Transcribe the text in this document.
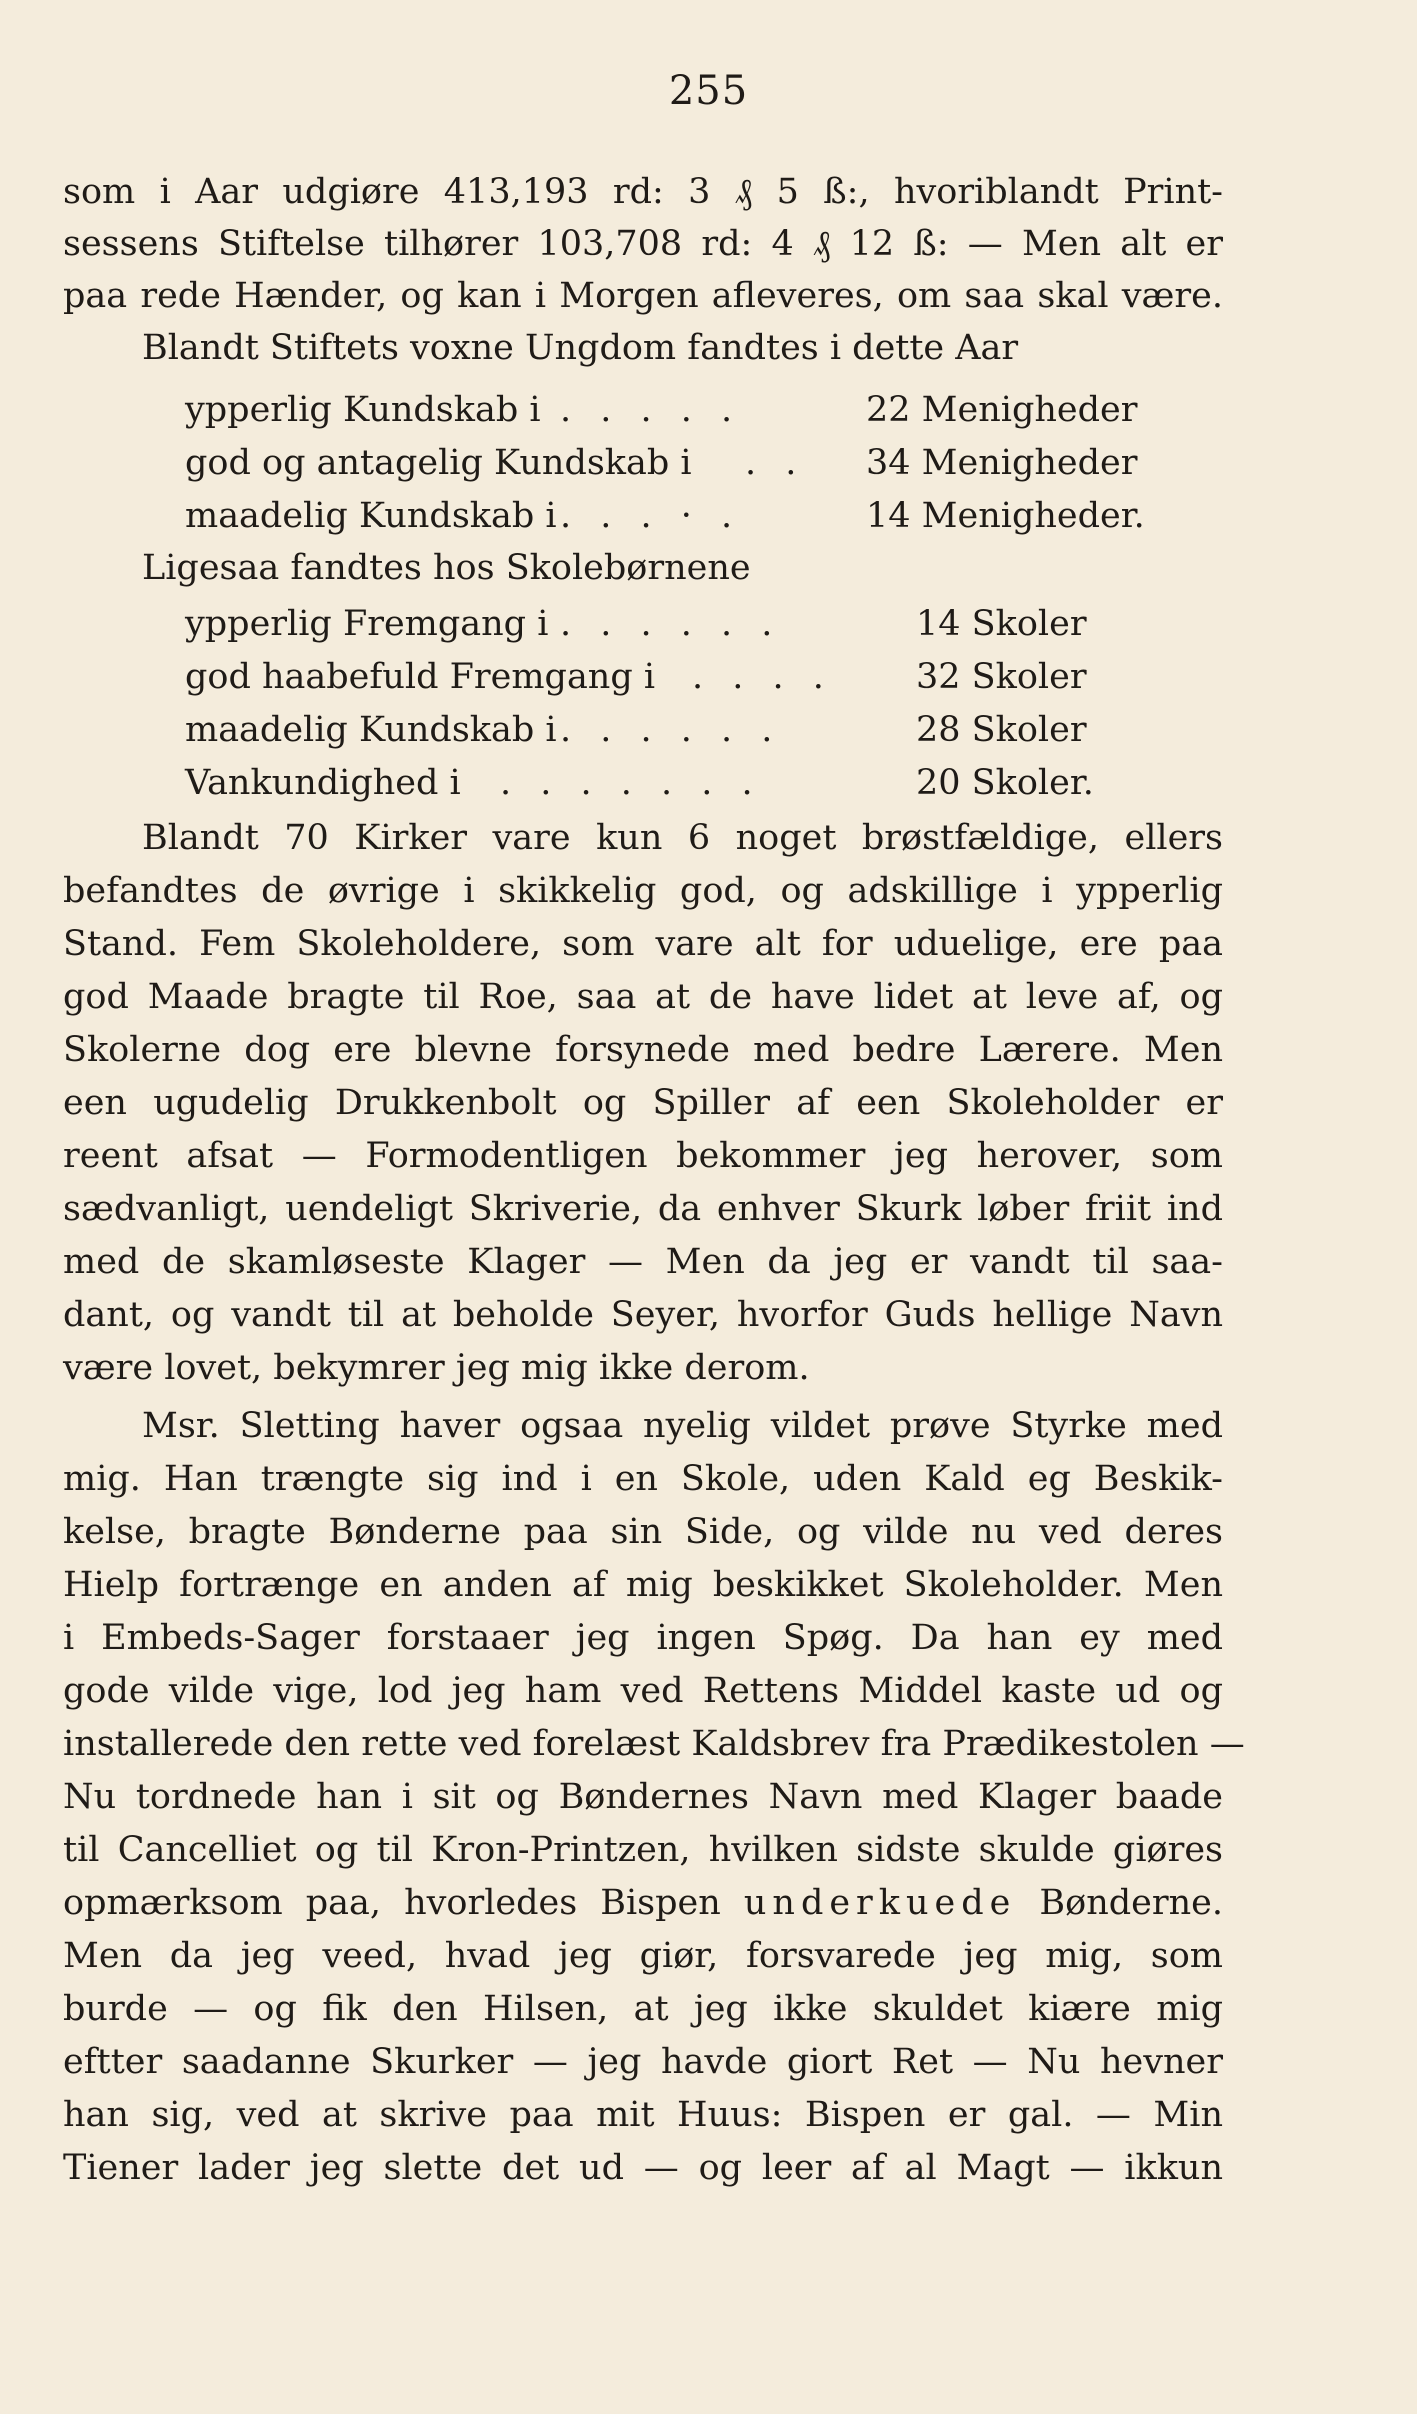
255
som i Aar udgiøre 413,193 rd: 3 ₰ 5 ß:, hvoriblandt Print-
sessens Stiftelse tilhører 103,708 rd: 4 ₰ 12 ß: — Men alt er
paa rede Hænder, og kan i Morgen afleveres, om saa skal være.
Blandt Stiftets voxne Ungdom fandtes i dette Aar
ypperlig Kundskab i . . . . .	22 Menigheder
god og antagelig Kundskab i . . 34 Menigheder
maadelig Kundskab i . . . · .	14 Menigheder.
Ligesaa fandtes hos Skolebørnene
ypperlig Fremgang i . . . . . .	14 Skoler
god haabefuld Fremgang i . . . . 32 Skoler
maadelig Kundskab i . . . . . .	28 Skoler
Vankundighed i . . . . . . .	20 Skoler.
Blandt 70 Kirker vare kun 6 noget brøstfældige, ellers
befandtes de øvrige i skikkelig god, og adskillige i ypperlig
Stand. Fem Skoleholdere, som vare alt for uduelige, ere paa
god Maade bragte til Roe, saa at de have lidet at leve af, og
Skolerne dog ere blevne forsynede med bedre Lærere. Men
een ugudelig Drukkenbolt og Spiller af een Skoleholder er
reent afsat — Formodentligen bekommer jeg herover, som
sædvanligt, uendeligt Skriverie, da enhver Skurk løber friit ind
med de skamløseste Klager — Men da jeg er vandt til saa-
dant, og vandt til at beholde Seyer, hvorfor Guds hellige Navn
være lovet, bekymrer jeg mig ikke derom.
Msr. Sletting haver ogsaa nyelig vildet prøve Styrke med
mig. Han trængte sig ind i en Skole, uden Kald eg Beskik-
kelse, bragte Bønderne paa sin Side, og vilde nu ved deres
Hielp fortrænge en anden af mig beskikket Skoleholder. Men
i Embeds-Sager forstaaer jeg ingen Spøg. Da han ey med
gode vilde vige, lod jeg ham ved Rettens Middel kaste ud og
installerede den rette ved forelæst Kaldsbrev fra Prædikestolen —
Nu tordnede han i sit og Bøndernes Navn med Klager baade
til Cancelliet og til Kron-Printzen, hvilken sidste skulde giøres
opmærksom paa, hvorledes Bispen underkuede Bønderne.
Men da jeg veed, hvad jeg giør, forsvarede jeg mig, som
burde — og fik den Hilsen, at jeg ikke skuldet kiære mig
eftter saadanne Skurker — jeg havde giort Ret — Nu hevner
han sig, ved at skrive paa mit Huus: Bispen er gal. — Min
Tiener lader jeg slette det ud — og leer af al Magt — ikkun
